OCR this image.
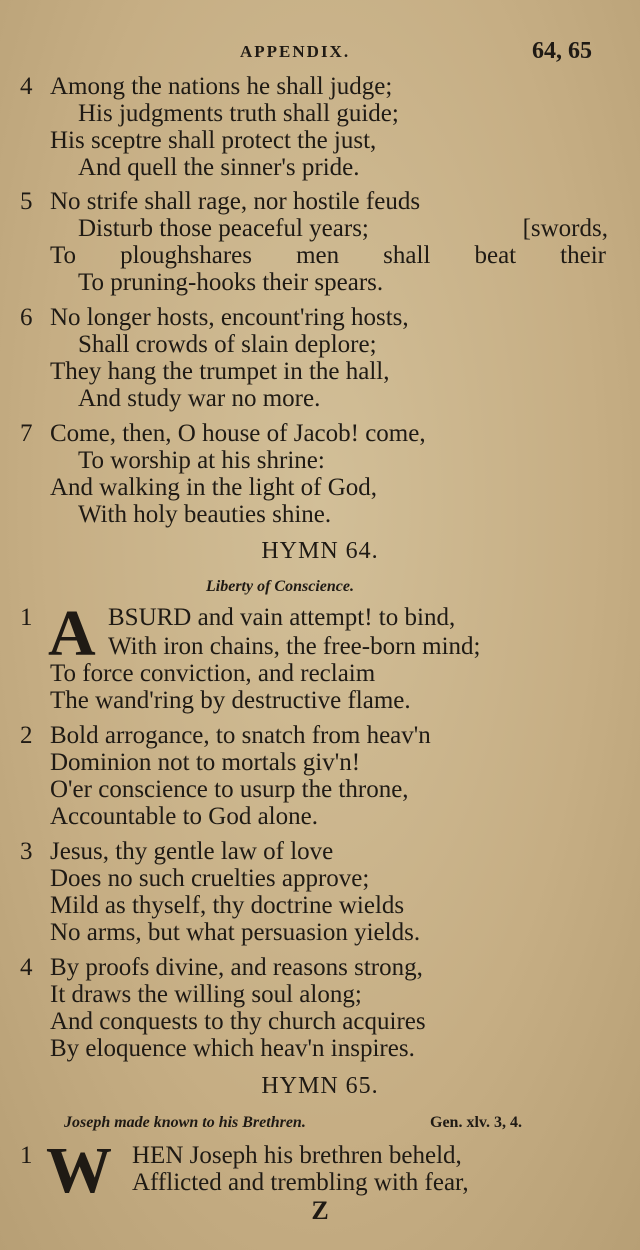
APPENDIX.	64, 65
4 Among the nations he shall judge;
His judgments truth shall guide;
His sceptre shall protect the just,
And quell the sinner's pride.
5 No strife shall rage, nor hostile feuds
Disturb those peaceful years;	[swords,
To ploughshares men shall beat their
To pruning-hooks their spears.
6 No longer hosts, encount'ring hosts,
Shall crowds of slain deplore;
They hang the trumpet in the hall,
And study war no more.
7 Come, then, O house of Jacob! come,
To worship at his shrine:
And walking in the light of God,
With holy beauties shine.
HYMN 64.
Liberty of Conscience.
1 A BSURD and vain attempt! to bind,
With iron chains, the free-born mind;
To force conviction, and reclaim
The wand'ring by destructive flame.
2 Bold arrogance, to snatch from heav'n
Dominion not to mortals giv'n!
O'er conscience to usurp the throne,
Accountable to God alone.
3 Jesus, thy gentle law of love
Does no such cruelties approve;
Mild as thyself, thy doctrine wields
No arms, but what persuasion yields.
4 By proofs divine, and reasons strong,
It draws the willing soul along;
And conquests to thy church acquires
By eloquence which heav'n inspires.
HYMN 65.
Joseph made known to his Brethren.	Gen. xlv. 3, 4.
1 W HEN Joseph his brethren beheld,
Afflicted and trembling with fear,
Z
